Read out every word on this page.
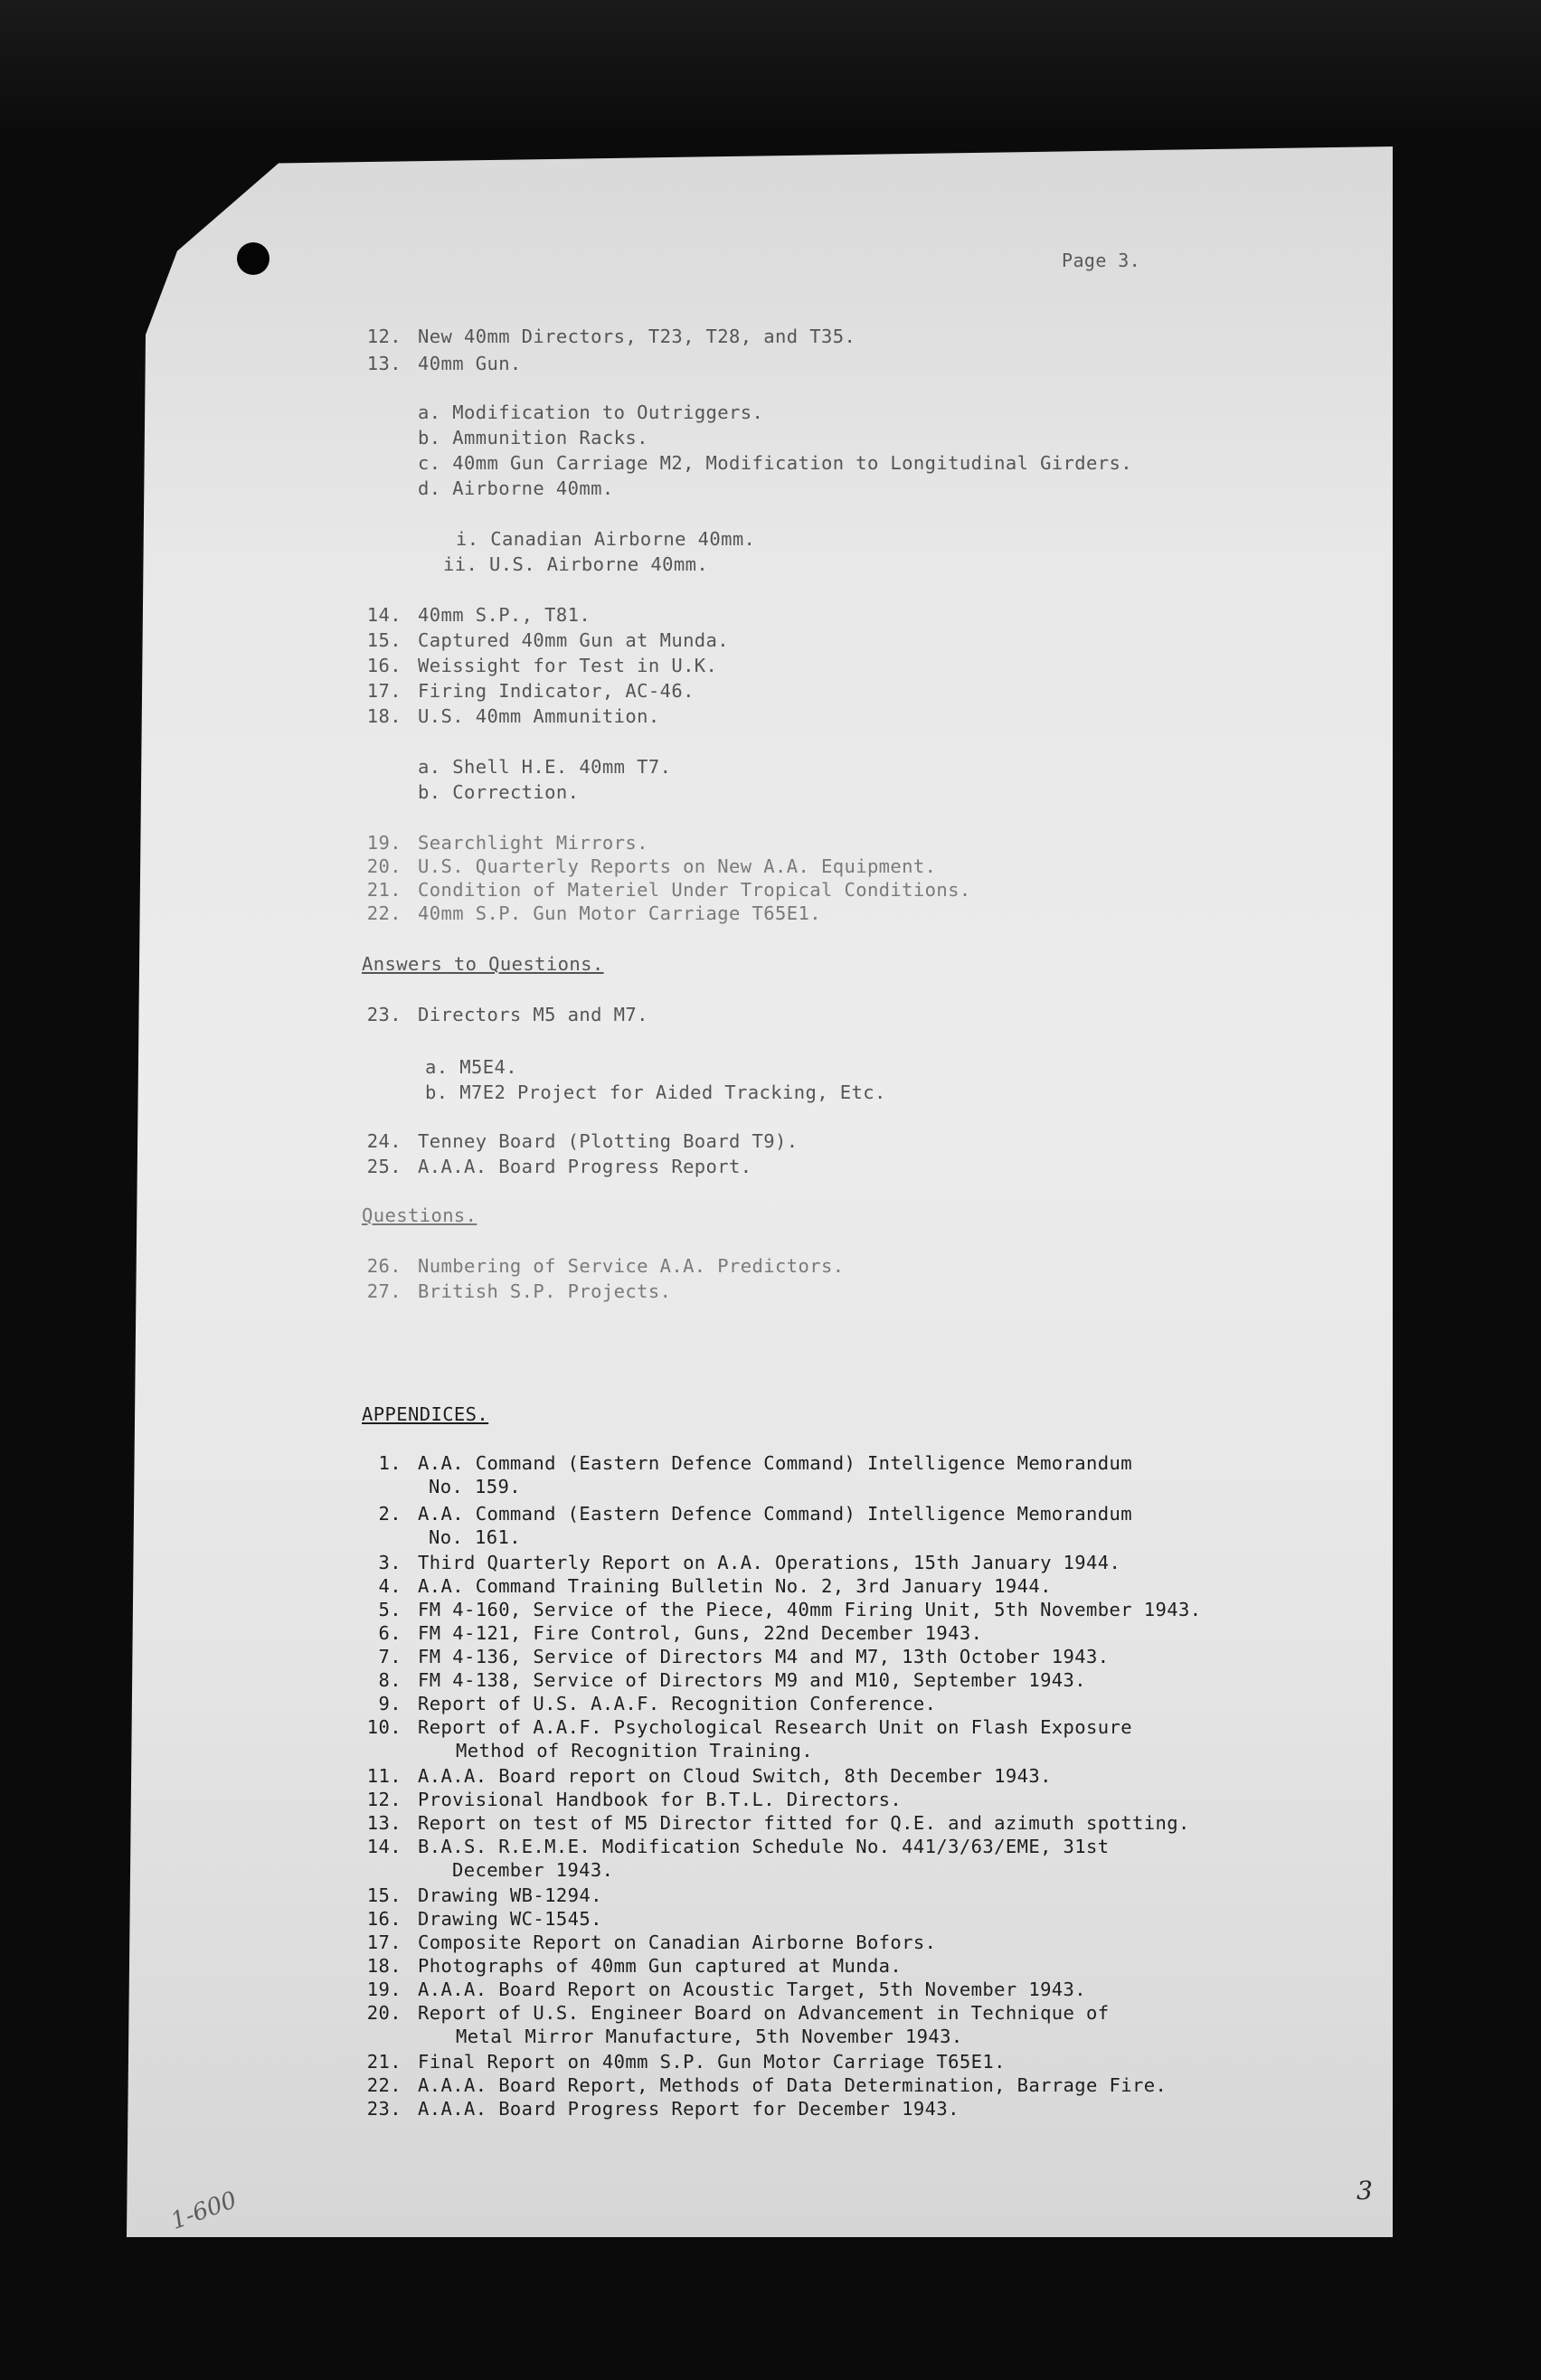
Page 3.

12. New 40mm Directors, T23, T28, and T35.

13. 40mm Gun.

a. Modification to Outriggers.

b. Ammunition Racks.

c. 40mm Gun Carriage M2, Modification to Longitudinal Girders.

d. Airborne 40mm.

i. Canadian Airborne 40mm.

ii. U.S. Airborne 40mm.

14. 40mm S.P., T81.

15. Captured 40mm Gun at Munda.

16. Weissight for Test in U.K.

17. Firing Indicator, AC-46.

18. U.S. 40mm Ammunition.

a. Shell H.E. 40mm T7.

b. Correction.

19. Searchlight Mirrors.

20. U.S. Quarterly Reports on New A.A. Equipment.

21. Condition of Materiel Under Tropical Conditions.

22. 40mm S.P. Gun Motor Carriage T65E1.

Answers to Questions.

23. Directors M5 and M7.

a. M5E4.

b. M7E2 Project for Aided Tracking, Etc.

24. Tenney Board (Plotting Board T9).

25. A.A.A. Board Progress Report.

Questions.

26. Numbering of Service A.A. Predictors.

27. British S.P. Projects.

APPENDICES.

1. A.A. Command (Eastern Defence Command) Intelligence Memorandum

No. 159.

2. A.A. Command (Eastern Defence Command) Intelligence Memorandum

No. 161.

3. Third Quarterly Report on A.A. Operations, 15th January 1944.

4. A.A. Command Training Bulletin No. 2, 3rd January 1944.

5. FM 4-160, Service of the Piece, 40mm Firing Unit, 5th November 1943.

6. FM 4-121, Fire Control, Guns, 22nd December 1943.

7. FM 4-136, Service of Directors M4 and M7, 13th October 1943.

8. FM 4-138, Service of Directors M9 and M10, September 1943.

9. Report of U.S. A.A.F. Recognition Conference.

10. Report of A.A.F. Psychological Research Unit on Flash Exposure

Method of Recognition Training.

11. A.A.A. Board report on Cloud Switch, 8th December 1943.

12. Provisional Handbook for B.T.L. Directors.

13. Report on test of M5 Director fitted for Q.E. and azimuth spotting.

14. B.A.S. R.E.M.E. Modification Schedule No. 441/3/63/EME, 31st

December 1943.

15. Drawing WB-1294.

16. Drawing WC-1545.

17. Composite Report on Canadian Airborne Bofors.

18. Photographs of 40mm Gun captured at Munda.

19. A.A.A. Board Report on Acoustic Target, 5th November 1943.

20. Report of U.S. Engineer Board on Advancement in Technique of

Metal Mirror Manufacture, 5th November 1943.

21. Final Report on 40mm S.P. Gun Motor Carriage T65E1.

22. A.A.A. Board Report, Methods of Data Determination, Barrage Fire.

23. A.A.A. Board Progress Report for December 1943.

1-600	3
